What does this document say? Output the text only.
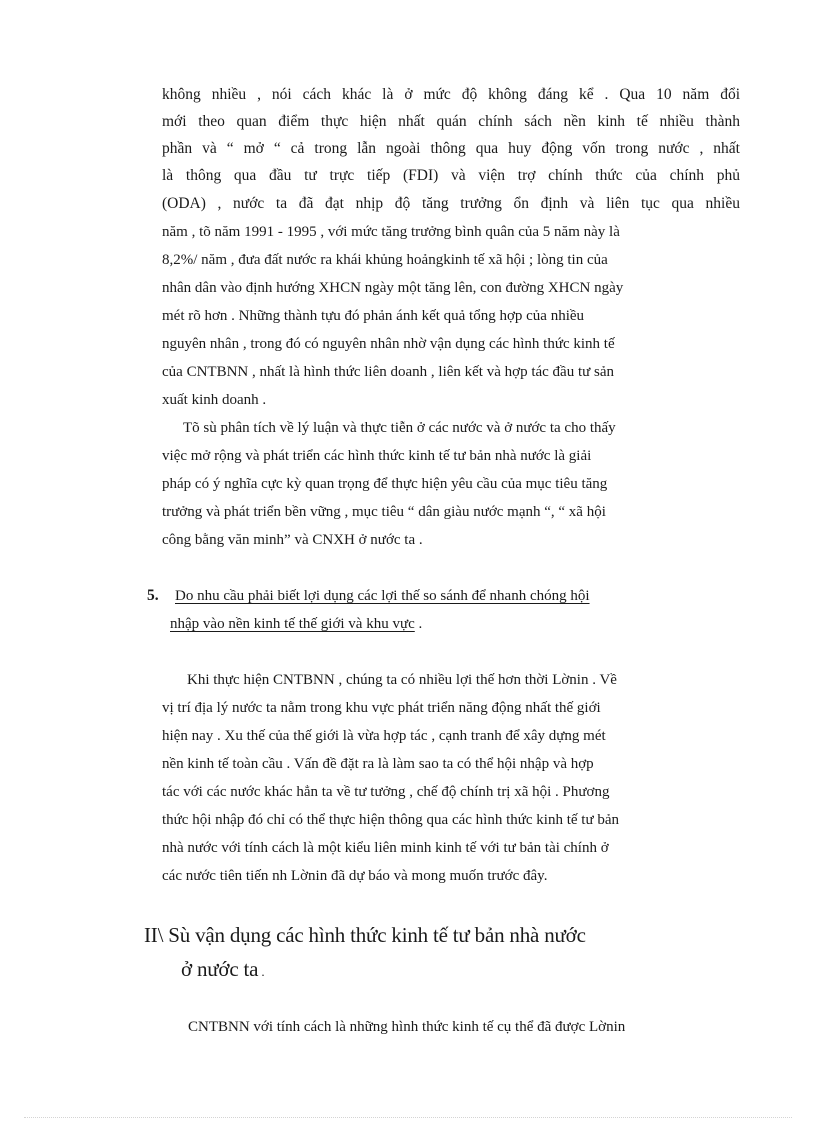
không nhiều , nói cách khác là ở mức độ không đáng kể . Qua 10 năm đổi
mới theo quan điểm thực hiện nhất quán chính sách nền kinh tế nhiều thành
phần và “ mở “ cả trong lẫn ngoài thông qua huy động vốn trong nước , nhất
là thông qua đầu tư trực tiếp (FDI) và viện trợ chính thức của chính phủ
(ODA) , nước ta đã đạt nhịp độ tăng trưởng ổn định và liên tục qua nhiều
năm , tõ năm 1991 - 1995 , với mức tăng trưởng bình quân của 5 năm này là
8,2%/ năm , đưa đất nước ra khái khủng hoảngkinh tế xã hội ; lòng tin của
nhân dân vào định hướng XHCN ngày một tăng lên, con đường XHCN ngày
mét rõ hơn . Những thành tựu đó phản ánh kết quả tổng hợp của nhiều
nguyên nhân , trong đó có nguyên nhân nhờ vận dụng các hình thức kinh tế
của CNTBNN , nhất là hình thức liên doanh , liên kết và hợp tác đầu tư sản
xuất kinh doanh .
Tõ sù phân tích về lý luận và thực tiễn ở các nước và ở nước ta cho thấy
việc mở rộng và phát triển các hình thức kinh tế tư bản nhà nước là giải
pháp có ý nghĩa cực kỳ quan trọng để thực hiện yêu cầu của mục tiêu tăng
trưởng và phát triển bền vững , mục tiêu “ dân giàu nước mạnh “, “ xã hội
công bằng văn minh” và CNXH ở nước ta .
5. Do nhu cầu phải biết lợi dụng các lợi thế so sánh để nhanh chóng hội
nhập vào nền kinh tế thế giới và khu vực .
Khi thực hiện CNTBNN , chúng ta có nhiều lợi thế hơn thời Lờnin . Về
vị trí địa lý nước ta nằm trong khu vực phát triển năng động nhất thế giới
hiện nay . Xu thế của thế giới là vừa hợp tác , cạnh tranh để xây dựng mét
nền kinh tế toàn cầu . Vấn đề đặt ra là làm sao ta có thể hội nhập và hợp
tác với các nước khác hẳn ta về tư tưởng , chế độ chính trị xã hội . Phương
thức hội nhập đó chỉ có thể thực hiện thông qua các hình thức kinh tế tư bản
nhà nước với tính cách là một kiểu liên minh kinh tế với tư bản tài chính ở
các nước tiên tiến nh Lờnin đã dự báo và mong muốn trước đây.
II\ Sù vận dụng các hình thức kinh tế tư bản nhà nước
ở nước ta .
CNTBNN với tính cách là những hình thức kinh tế cụ thể đã được Lờnin
